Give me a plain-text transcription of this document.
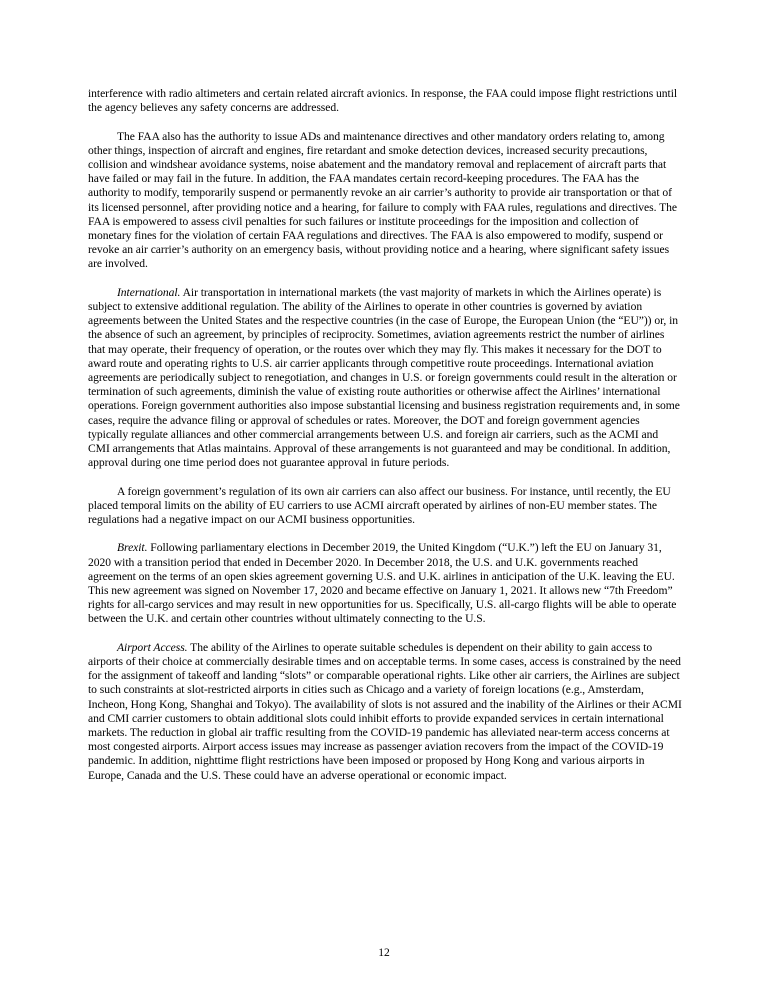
interference with radio altimeters and certain related aircraft avionics. In response, the FAA could impose flight restrictions until the agency believes any safety concerns are addressed.

The FAA also has the authority to issue ADs and maintenance directives and other mandatory orders relating to, among other things, inspection of aircraft and engines, fire retardant and smoke detection devices, increased security precautions, collision and windshear avoidance systems, noise abatement and the mandatory removal and replacement of aircraft parts that have failed or may fail in the future. In addition, the FAA mandates certain record-keeping procedures. The FAA has the authority to modify, temporarily suspend or permanently revoke an air carrier’s authority to provide air transportation or that of its licensed personnel, after providing notice and a hearing, for failure to comply with FAA rules, regulations and directives. The FAA is empowered to assess civil penalties for such failures or institute proceedings for the imposition and collection of monetary fines for the violation of certain FAA regulations and directives. The FAA is also empowered to modify, suspend or revoke an air carrier’s authority on an emergency basis, without providing notice and a hearing, where significant safety issues are involved.

International. Air transportation in international markets (the vast majority of markets in which the Airlines operate) is subject to extensive additional regulation. The ability of the Airlines to operate in other countries is governed by aviation agreements between the United States and the respective countries (in the case of Europe, the European Union (the “EU”)) or, in the absence of such an agreement, by principles of reciprocity. Sometimes, aviation agreements restrict the number of airlines that may operate, their frequency of operation, or the routes over which they may fly. This makes it necessary for the DOT to award route and operating rights to U.S. air carrier applicants through competitive route proceedings. International aviation agreements are periodically subject to renegotiation, and changes in U.S. or foreign governments could result in the alteration or termination of such agreements, diminish the value of existing route authorities or otherwise affect the Airlines’ international operations. Foreign government authorities also impose substantial licensing and business registration requirements and, in some cases, require the advance filing or approval of schedules or rates. Moreover, the DOT and foreign government agencies typically regulate alliances and other commercial arrangements between U.S. and foreign air carriers, such as the ACMI and CMI arrangements that Atlas maintains. Approval of these arrangements is not guaranteed and may be conditional. In addition, approval during one time period does not guarantee approval in future periods.

A foreign government’s regulation of its own air carriers can also affect our business. For instance, until recently, the EU placed temporal limits on the ability of EU carriers to use ACMI aircraft operated by airlines of non-EU member states. The regulations had a negative impact on our ACMI business opportunities.

Brexit. Following parliamentary elections in December 2019, the United Kingdom (“U.K.”) left the EU on January 31, 2020 with a transition period that ended in December 2020. In December 2018, the U.S. and U.K. governments reached agreement on the terms of an open skies agreement governing U.S. and U.K. airlines in anticipation of the U.K. leaving the EU. This new agreement was signed on November 17, 2020 and became effective on January 1, 2021. It allows new “7th Freedom” rights for all-cargo services and may result in new opportunities for us. Specifically, U.S. all-cargo flights will be able to operate between the U.K. and certain other countries without ultimately connecting to the U.S.

Airport Access. The ability of the Airlines to operate suitable schedules is dependent on their ability to gain access to airports of their choice at commercially desirable times and on acceptable terms. In some cases, access is constrained by the need for the assignment of takeoff and landing “slots” or comparable operational rights. Like other air carriers, the Airlines are subject to such constraints at slot-restricted airports in cities such as Chicago and a variety of foreign locations (e.g., Amsterdam, Incheon, Hong Kong, Shanghai and Tokyo). The availability of slots is not assured and the inability of the Airlines or their ACMI and CMI carrier customers to obtain additional slots could inhibit efforts to provide expanded services in certain international markets. The reduction in global air traffic resulting from the COVID-19 pandemic has alleviated near-term access concerns at most congested airports. Airport access issues may increase as passenger aviation recovers from the impact of the COVID-19 pandemic. In addition, nighttime flight restrictions have been imposed or proposed by Hong Kong and various airports in Europe, Canada and the U.S. These could have an adverse operational or economic impact.

12
